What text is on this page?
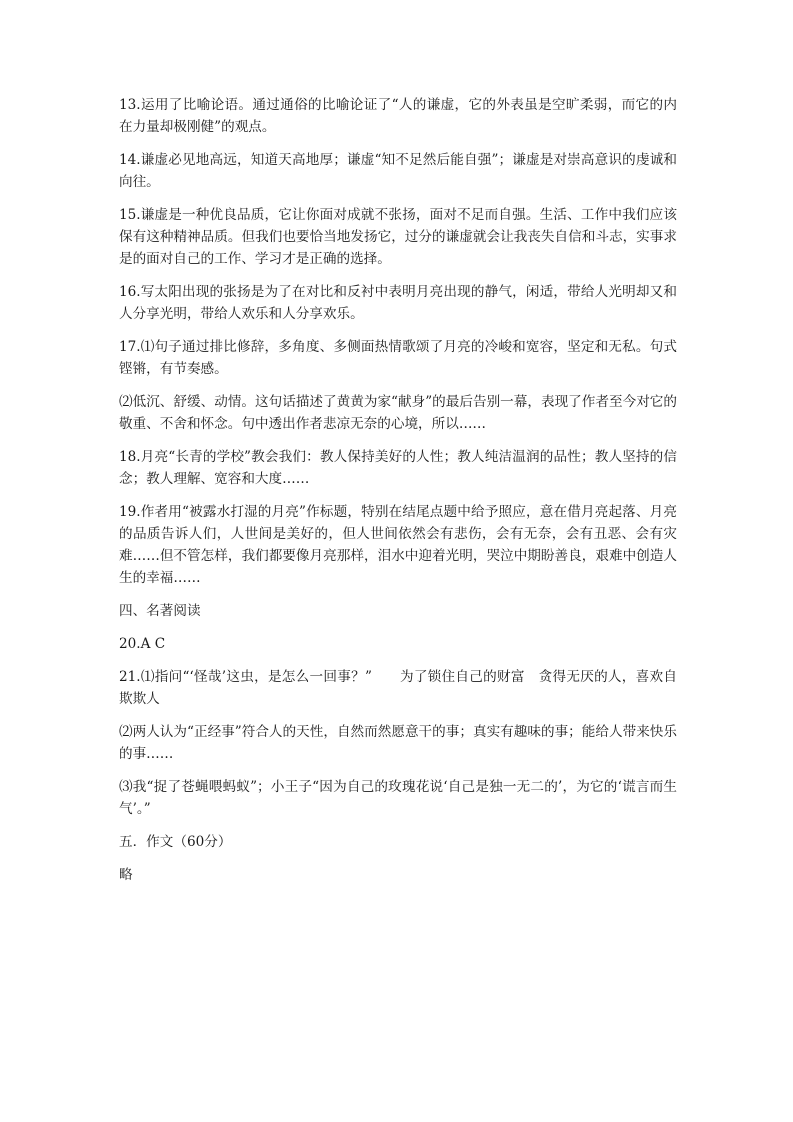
13.运用了比喻论语。通过通俗的比喻论证了“人的谦虚，它的外表虽是空旷柔弱，而它的内在力量却极刚健”的观点。

14.谦虚必见地高远，知道天高地厚；谦虚“知不足然后能自强”；谦虚是对崇高意识的虔诚和向往。

15.谦虚是一种优良品质，它让你面对成就不张扬，面对不足而自强。生活、工作中我们应该保有这种精神品质。但我们也要恰当地发扬它，过分的谦虚就会让我丧失自信和斗志，实事求是的面对自己的工作、学习才是正确的选择。

16.写太阳出现的张扬是为了在对比和反衬中表明月亮出现的静气，闲适，带给人光明却又和人分享光明，带给人欢乐和人分享欢乐。

17.⑴句子通过排比修辞，多角度、多侧面热情歌颂了月亮的冷峻和宽容，坚定和无私。句式铿锵，有节奏感。

⑵低沉、舒缓、动情。这句话描述了黄黄为家“献身”的最后告别一幕，表现了作者至今对它的敬重、不舍和怀念。句中透出作者悲凉无奈的心境，所以……

18.月亮“长青的学校”教会我们：教人保持美好的人性；教人纯洁温润的品性；教人坚持的信念；教人理解、宽容和大度……

19.作者用“被露水打湿的月亮”作标题，特别在结尾点题中给予照应，意在借月亮起落、月亮的品质告诉人们，人世间是美好的，但人世间依然会有悲伤，会有无奈，会有丑恶、会有灾难……但不管怎样，我们都要像月亮那样，泪水中迎着光明，哭泣中期盼善良，艰难中创造人生的幸福……

四、名著阅读

20.A C

21.⑴指问“‘怪哉’这虫，是怎么一回事？”　　为了锁住自己的财富　贪得无厌的人，喜欢自欺欺人

⑵两人认为“正经事”符合人的天性，自然而然愿意干的事；真实有趣味的事；能给人带来快乐的事……

⑶我“捉了苍蝇喂蚂蚁”；小王子“因为自己的玫瑰花说‘自己是独一无二的’，为它的‘谎言而生气’。”

五．作文（60分）

略
